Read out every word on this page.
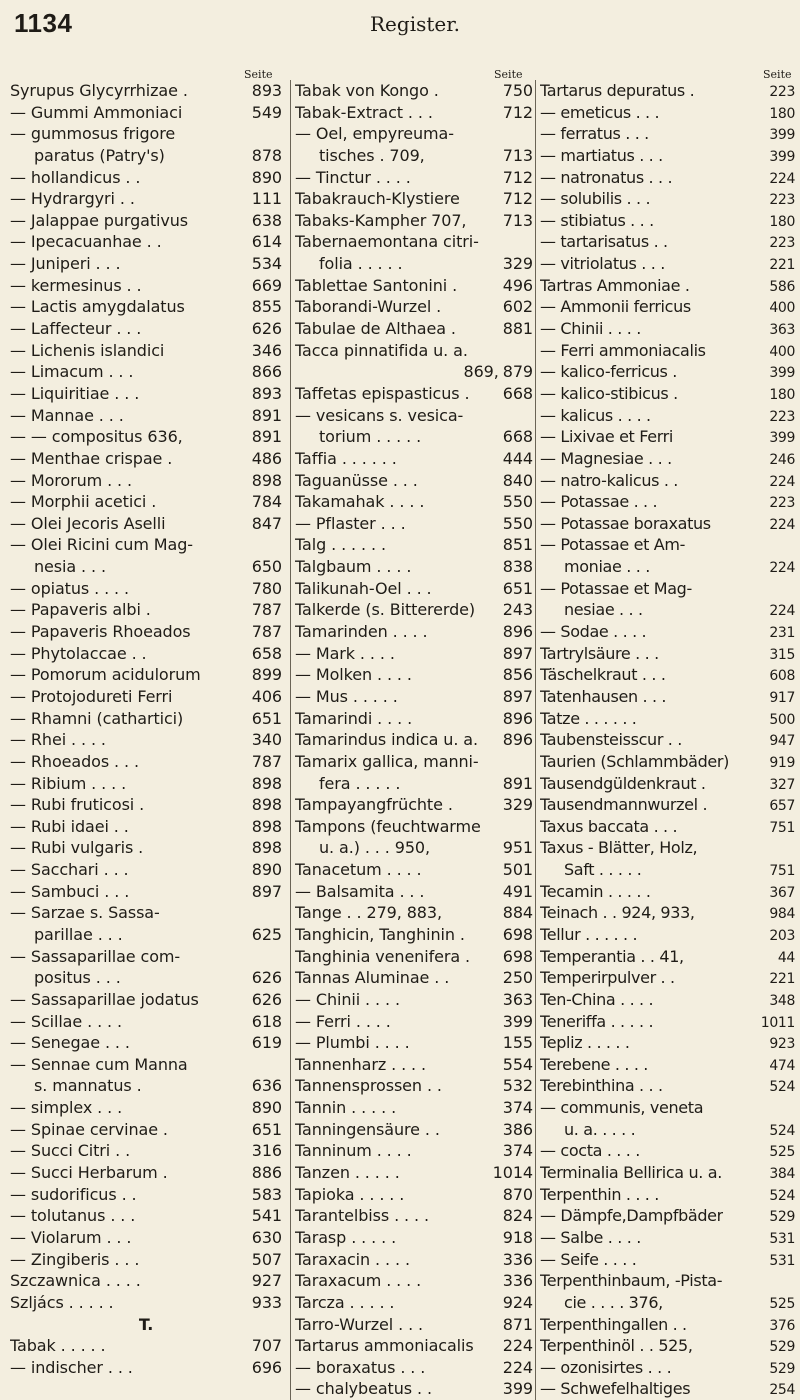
1134	Register.
Seite	Seite	Seite
Syrupus Glycyrrhizae .	893
— Gummi Ammoniaci	549
— gummosus frigore
paratus (Patry's)	878
— hollandicus . .	890
— Hydrargyri . .	111
— Jalappae purgativus	638
— Ipecacuanhae . .	614
— Juniperi . . .	534
— kermesinus . .	669
— Lactis amygdalatus	855
— Laffecteur . . .	626
— Lichenis islandici	346
— Limacum . . .	866
— Liquiritiae . . .	893
— Mannae . . .	891
— — compositus 636,	891
— Menthae crispae .	486
— Mororum . . .	898
— Morphii acetici .	784
— Olei Jecoris Aselli	847
— Olei Ricini cum Mag-
nesia . . .	650
— opiatus . . . .	780
— Papaveris albi .	787
— Papaveris Rhoeados	787
— Phytolaccae . .	658
— Pomorum acidulorum	899
— Protojodureti Ferri	406
— Rhamni (cathartici)	651
— Rhei . . . .	340
— Rhoeados . . .	787
— Ribium . . . .	898
— Rubi fruticosi .	898
— Rubi idaei . .	898
— Rubi vulgaris .	898
— Sacchari . . .	890
— Sambuci . . .	897
— Sarzae s. Sassa-
parillae . . .	625
— Sassaparillae com-
positus . . .	626
— Sassaparillae jodatus	626
— Scillae . . . .	618
— Senegae . . .	619
— Sennae cum Manna
s. mannatus .	636
— simplex . . .	890
— Spinae cervinae .	651
— Succi Citri . .	316
— Succi Herbarum .	886
— sudorificus . .	583
— tolutanus . . .	541
— Violarum . . .	630
— Zingiberis . . .	507
Szczawnica . . . .	927
Szljács . . . . .	933
T.
Tabak . . . . .	707
— indischer . . .	696
Tabak von Kongo .	750
Tabak-Extract . . .	712
— Oel, empyreuma-
tisches . 709,	713
— Tinctur . . . .	712
Tabakrauch-Klystiere	712
Tabaks-Kampher 707, 713
Tabernaemontana citri-
folia . . . . .	329
Tablettae Santonini .	496
Taborandi-Wurzel .	602
Tabulae de Althaea .	881
Tacca pinnatifida u. a.
869, 879
Taffetas epispasticus . 668
— vesicans s. vesica-
torium . . . . .	668
Taffia . . . . . .	444
Taguanüsse . . .	840
Takamahak . . . .	550
— Pflaster . . .	550
Talg . . . . . .	851
Talgbaum . . . .	838
Talikunah-Oel . . .	651
Talkerde (s. Bittererde) 243
Tamarinden . . . .	896
— Mark . . . .	897
— Molken . . . .	856
— Mus . . . . .	897
Tamarindi . . . .	896
Tamarindus indica u. a. 896
Tamarix gallica, manni-
fera . . . . .	891
Tampayangfrüchte .	329
Tampons (feuchtwarme
u. a.) . . . 950,	951
Tanacetum . . . .	501
— Balsamita . . .	491
Tange . . 279, 883,	884
Tanghicin, Tanghinin . 698
Tanghinia venenifera . 698
Tannas Aluminae . .	250
— Chinii . . . .	363
— Ferri . . . .	399
— Plumbi . . . .	155
Tannenharz . . . .	554
Tannensprossen . .	532
Tannin . . . . .	374
Tanningensäure . .	386
Tanninum . . . .	374
Tanzen . . . . .	1014
Tapioka . . . . .	870
Tarantelbiss . . . .	824
Tarasp . . . . .	918
Taraxacin . . . .	336
Taraxacum . . . .	336
Tarcza . . . . .	924
Tarro-Wurzel . . .	871
Tartarus ammoniacalis 224
— boraxatus . . .	224
— chalybeatus . .	399
Tartarus depuratus .	223
— emeticus . . .	180
— ferratus . . .	399
— martiatus . . .	399
— natronatus . . .	224
— solubilis . . .	223
— stibiatus . . .	180
— tartarisatus . .	223
— vitriolatus . . .	221
Tartras Ammoniae .	586
— Ammonii ferricus	400
— Chinii . . . .	363
— Ferri ammoniacalis	400
— kalico-ferricus .	399
— kalico-stibicus .	180
— kalicus . . . .	223
— Lixivae et Ferri	399
— Magnesiae . . .	246
— natro-kalicus . .	224
— Potassae . . .	223
— Potassae boraxatus	224
— Potassae et Am-
moniae . . .	224
— Potassae et Mag-
nesiae . . .	224
— Sodae . . . .	231
Tartrylsäure . . .	315
Täschelkraut . . .	608
Tatenhausen . . .	917
Tatze . . . . . .	500
Taubensteisscur . .	947
Taurien (Schlammbäder)	919
Tausendgüldenkraut .	327
Tausendmannwurzel .	657
Taxus baccata . . .	751
Taxus - Blätter, Holz,
Saft . . . . .	751
Tecamin . . . . .	367
Teinach . . 924, 933,	984
Tellur . . . . . .	203
Temperantia . . 41,	44
Temperirpulver . .	221
Ten-China . . . .	348
Teneriffa . . . . .	1011
Tepliz . . . . .	923
Terebene . . . .	474
Terebinthina . . .	524
— communis, veneta
u. a. . . . .	524
— cocta . . . .	525
Terminalia Bellirica u. a.	384
Terpenthin . . . .	524
— Dämpfe,Dampfbäder	529
— Salbe . . . .	531
— Seife . . . .	531
Terpenthinbaum, -Pista-
cie . . . . 376,	525
Terpenthingallen . .	376
Terpenthinöl . . 525,	529
— ozonisirtes . . .	529
— Schwefelhaltiges	254
